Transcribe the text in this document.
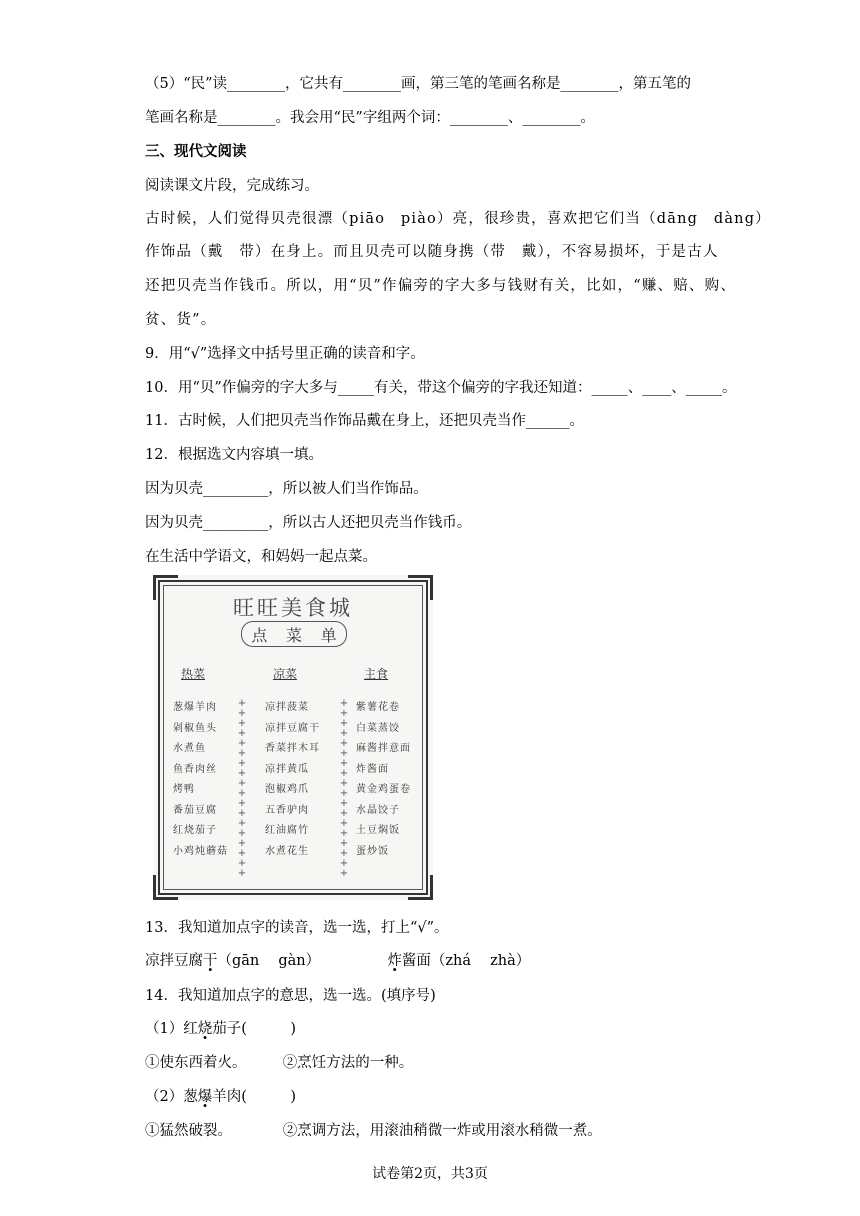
（5）“民”读________，它共有________画，第三笔的笔画名称是________，第五笔的
笔画名称是________。我会用“民”字组两个词：________、________。
三、现代文阅读
阅读课文片段，完成练习。
古时候，人们觉得贝壳很漂（piāo　piào）亮，很珍贵，喜欢把它们当（dāng　dàng）
作饰品（戴　带）在身上。而且贝壳可以随身携（带　戴），不容易损坏，于是古人
还把贝壳当作钱币。所以，用“贝”作偏旁的字大多与钱财有关，比如，“赚、赔、购、
贫、货”。
9．用“√”选择文中括号里正确的读音和字。
10．用“贝”作偏旁的字大多与_____有关，带这个偏旁的字我还知道：_____、____、_____。
11．古时候，人们把贝壳当作饰品戴在身上，还把贝壳当作______。
12．根据选文内容填一填。
因为贝壳_________，所以被人们当作饰品。
因为贝壳_________，所以古人还把贝壳当作钱币。
在生活中学语文，和妈妈一起点菜。
旺旺美食城
点 菜 单
热菜
葱爆羊肉
剁椒鱼头
水煮鱼
鱼香肉丝
烤鸭
番茄豆腐
红烧茄子
小鸡炖蘑菇
+
+
+
+
+
+
+
+
+
+
+
+
+
+
+
+
+
+
凉菜
凉拌菠菜
凉拌豆腐干
香菜拌木耳
凉拌黄瓜
泡椒鸡爪
五香驴肉
红油腐竹
水煮花生
+
+
+
+
+
+
+
+
+
+
+
+
+
+
+
+
+
+
主食
紫薯花卷
白菜蒸饺
麻酱拌意面
炸酱面
黄金鸡蛋卷
水晶饺子
土豆焖饭
蛋炒饭
13．我知道加点字的读音，选一选，打上“√”。
凉拌豆腐干（gān　 gàn）	炸酱面（zhá　 zhà）
14．我知道加点字的意思，选一选。(填序号)
（1）红烧茄子(　　　)
①使东西着火。　　　②烹饪方法的一种。
（2）葱爆羊肉(　　　)
①猛然破裂。　　　　②烹调方法，用滚油稍微一炸或用滚水稍微一煮。
试卷第2页，共3页
